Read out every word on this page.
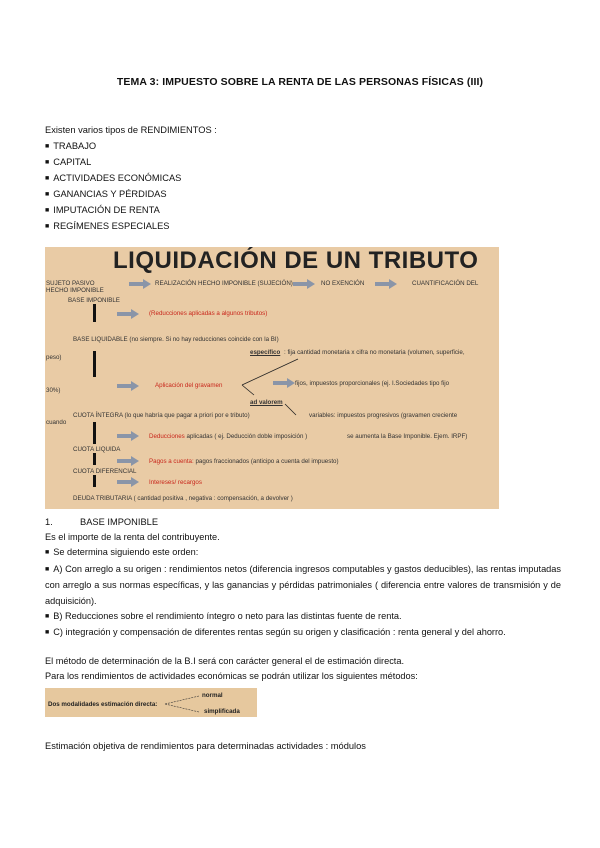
TEMA 3: IMPUESTO SOBRE LA RENTA DE LAS PERSONAS FÍSICAS (III)
Existen varios tipos de RENDIMIENTOS :
■ TRABAJO
■ CAPITAL
■ ACTIVIDADES ECONÓMICAS
■ GANANCIAS Y PÉRDIDAS
■ IMPUTACIÓN DE RENTA
■ REGÍMENES ESPECIALES
LIQUIDACIÓN DE UN TRIBUTO
SUJETO PASIVO
HECHO IMPONIBLE
REALIZACIÓN HECHO IMPONIBLE (SUJECIÓN)	NO EXENCIÓN	CUANTIFICACIÓN DEL
BASE IMPONIBLE
(Reducciones aplicadas a algunos tributos)
BASE LIQUIDABLE (no siempre. Si no hay reducciones coincide con la BI)
específico : fija cantidad monetaria x cifra no monetaria (volumen, superficie,
peso)
Aplicación del gravamen	fijos, impuestos proporcionales (ej. I.Sociedades tipo fijo
30%)
ad valorem
CUOTA ÍNTEGRA (lo que habría que pagar a priori por e tributo)	variables: impuestos progresivos (gravamen creciente
cuando
Deducciones aplicadas ( ej. Deducción doble imposición )	se aumenta la Base Imponible. Ejem. IRPF)
CUOTA LIQUIDA
Pagos a cuenta: pagos fraccionados (anticipo a cuenta del impuesto)
CUOTA DIFERENCIAL
Intereses/ recargos
DEUDA TRIBUTARIA ( cantidad positiva , negativa : compensación, a devolver )
1.	BASE IMPONIBLE

Es el importe de la renta del contribuyente.

■ Se determina siguiendo este orden:

■ A) Con arreglo a su origen : rendimientos netos (diferencia ingresos computables y gastos deducibles), las rentas imputadas con arreglo a sus normas específicas, y las ganancias y pérdidas patrimoniales ( diferencia entre valores de transmisión y de adquisición).

■ B) Reducciones sobre el rendimiento íntegro o neto para las distintas fuente de renta.

■ C) integración y compensación de diferentes rentas según su origen y clasificación : renta general y del ahorro.

El método de determinación de la B.I será con carácter general el de estimación directa.

Para los rendimientos de actividades económicas se podrán utilizar los siguientes métodos:

Dos modalidades estimación directa:
normal
simplificada
Estimación objetiva de rendimientos para determinadas actividades : módulos
